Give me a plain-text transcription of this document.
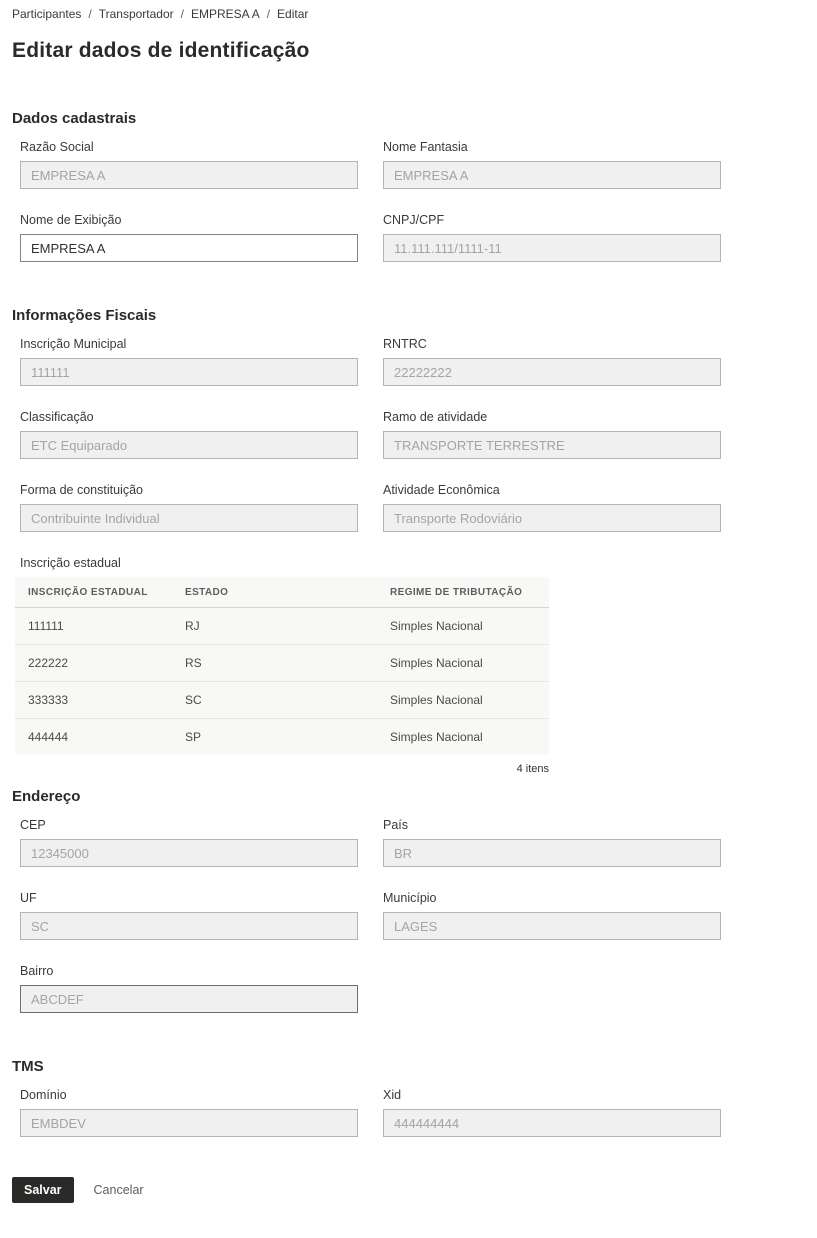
Participantes / Transportador / EMPRESA A / Editar
Editar dados de identificação
Dados cadastrais
Razão Social
EMPRESA A	Nome Fantasia
EMPRESA A
Nome de Exibição
EMPRESA A	CNPJ/CPF
11.111.111/1111-11
Informações Fiscais
Inscrição Municipal
111111	RNTRC
22222222
Classificação
ETC Equiparado	Ramo de atividade
TRANSPORTE TERRESTRE
Forma de constituição
Contribuinte Individual	Atividade Econômica
Transporte Rodoviário
Inscrição estadual
INSCRIÇÃO ESTADUAL	ESTADO	REGIME DE TRIBUTAÇÃO
111111	RJ	Simples Nacional
222222	RS	Simples Nacional
333333	SC	Simples Nacional
444444	SP	Simples Nacional
4 itens
Endereço
CEP
12345000	País
BR
UF
SC	Município
LAGES
Bairro
ABCDEF
TMS
Domínio
EMBDEV	Xid
444444444
Salvar	Cancelar
